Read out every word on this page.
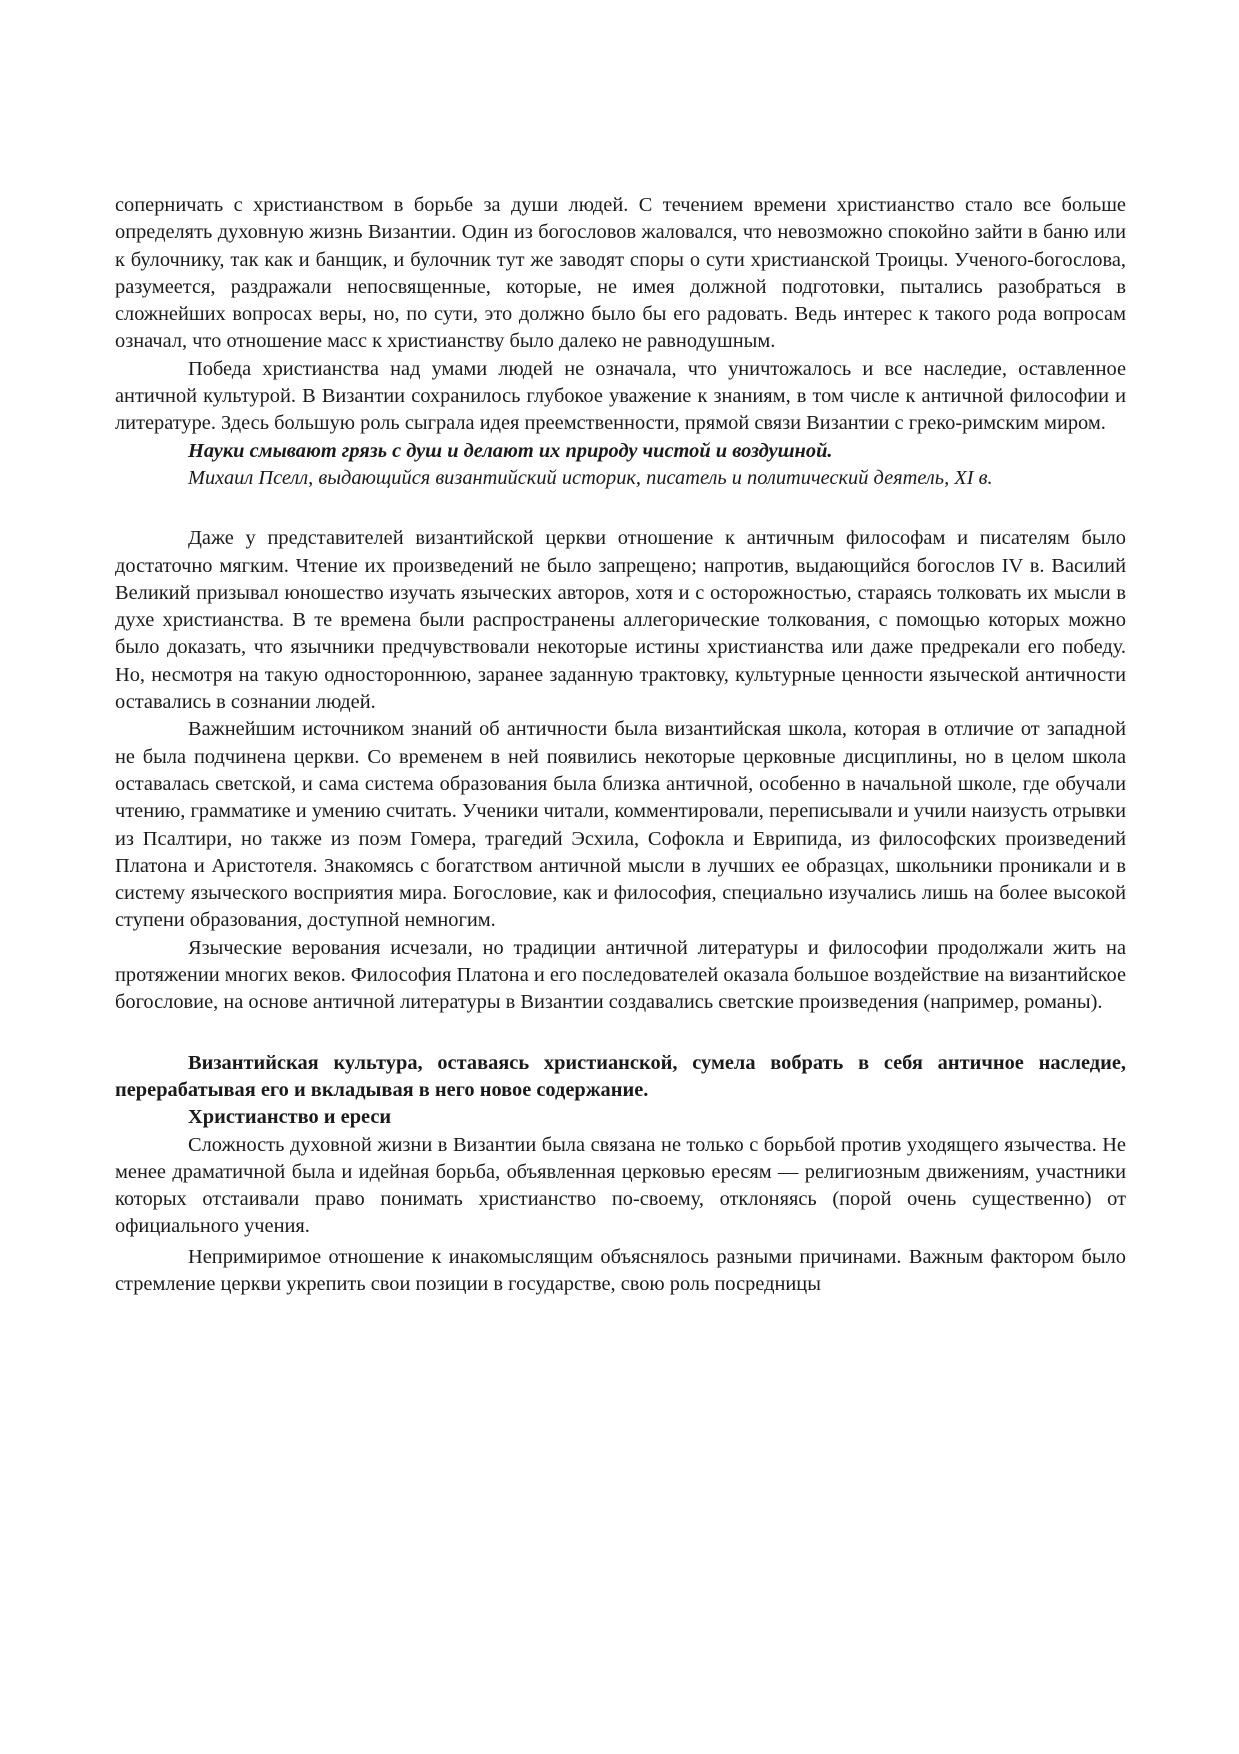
соперничать с христианством в борьбе за души людей. С течением времени христианство стало все больше определять духовную жизнь Византии. Один из богословов жаловался, что невозможно спокойно зайти в баню или к булочнику, так как и банщик, и булочник тут же заводят споры о сути христианской Троицы. Ученого-богослова, разумеется, раздражали непосвященные, которые, не имея должной подготовки, пытались разобраться в сложнейших вопросах веры, но, по сути, это должно было бы его радовать. Ведь интерес к такого рода вопросам означал, что отношение масс к христианству было далеко не равнодушным.

Победа христианства над умами людей не означала, что уничтожалось и все наследие, оставленное античной культурой. В Византии сохранилось глубокое уважение к знаниям, в том числе к античной философии и литературе. Здесь большую роль сыграла идея преемственности, прямой связи Византии с греко-римским миром.

Науки смывают грязь с душ и делают их природу чистой и воздушной.

Михаил Пселл, выдающийся византийский историк, писатель и политический деятель, XI в.

Даже у представителей византийской церкви отношение к античным философам и писателям было достаточно мягким. Чтение их произведений не было запрещено; напротив, выдающийся богослов IV в. Василий Великий призывал юношество изучать языческих авторов, хотя и с осторожностью, стараясь толковать их мысли в духе христианства. В те времена были распространены аллегорические толкования, с помощью которых можно было доказать, что язычники предчувствовали некоторые истины христианства или даже предрекали его победу. Но, несмотря на такую одностороннюю, заранее заданную трактовку, культурные ценности языческой античности оставались в сознании людей.

Важнейшим источником знаний об античности была византийская школа, которая в отличие от западной не была подчинена церкви. Со временем в ней появились некоторые церковные дисциплины, но в целом школа оставалась светской, и сама система образования была близка античной, особенно в начальной школе, где обучали чтению, грамматике и умению считать. Ученики читали, комментировали, переписывали и учили наизусть отрывки из Псалтири, но также из поэм Гомера, трагедий Эсхила, Софокла и Еврипида, из философских произведений Платона и Аристотеля. Знакомясь с богатством античной мысли в лучших ее образцах, школьники проникали и в систему языческого восприятия мира. Богословие, как и философия, специально изучались лишь на более высокой ступени образования, доступной немногим.

Языческие верования исчезали, но традиции античной литературы и философии продолжали жить на протяжении многих веков. Философия Платона и его последователей оказала большое воздействие на византийское богословие, на основе античной литературы в Византии создавались светские произведения (например, романы).

Византийская культура, оставаясь христианской, сумела вобрать в себя античное наследие, перерабатывая его и вкладывая в него новое содержание.

Христианство и ереси

Сложность духовной жизни в Византии была связана не только с борьбой против уходящего язычества. Не менее драматичной была и идейная борьба, объявленная церковью ересям — религиозным движениям, участники которых отстаивали право понимать христианство по-своему, отклоняясь (порой очень существенно) от официального учения.

Непримиримое отношение к инакомыслящим объяснялось разными причинами. Важным фактором было стремление церкви укрепить свои позиции в государстве, свою роль посредницы
